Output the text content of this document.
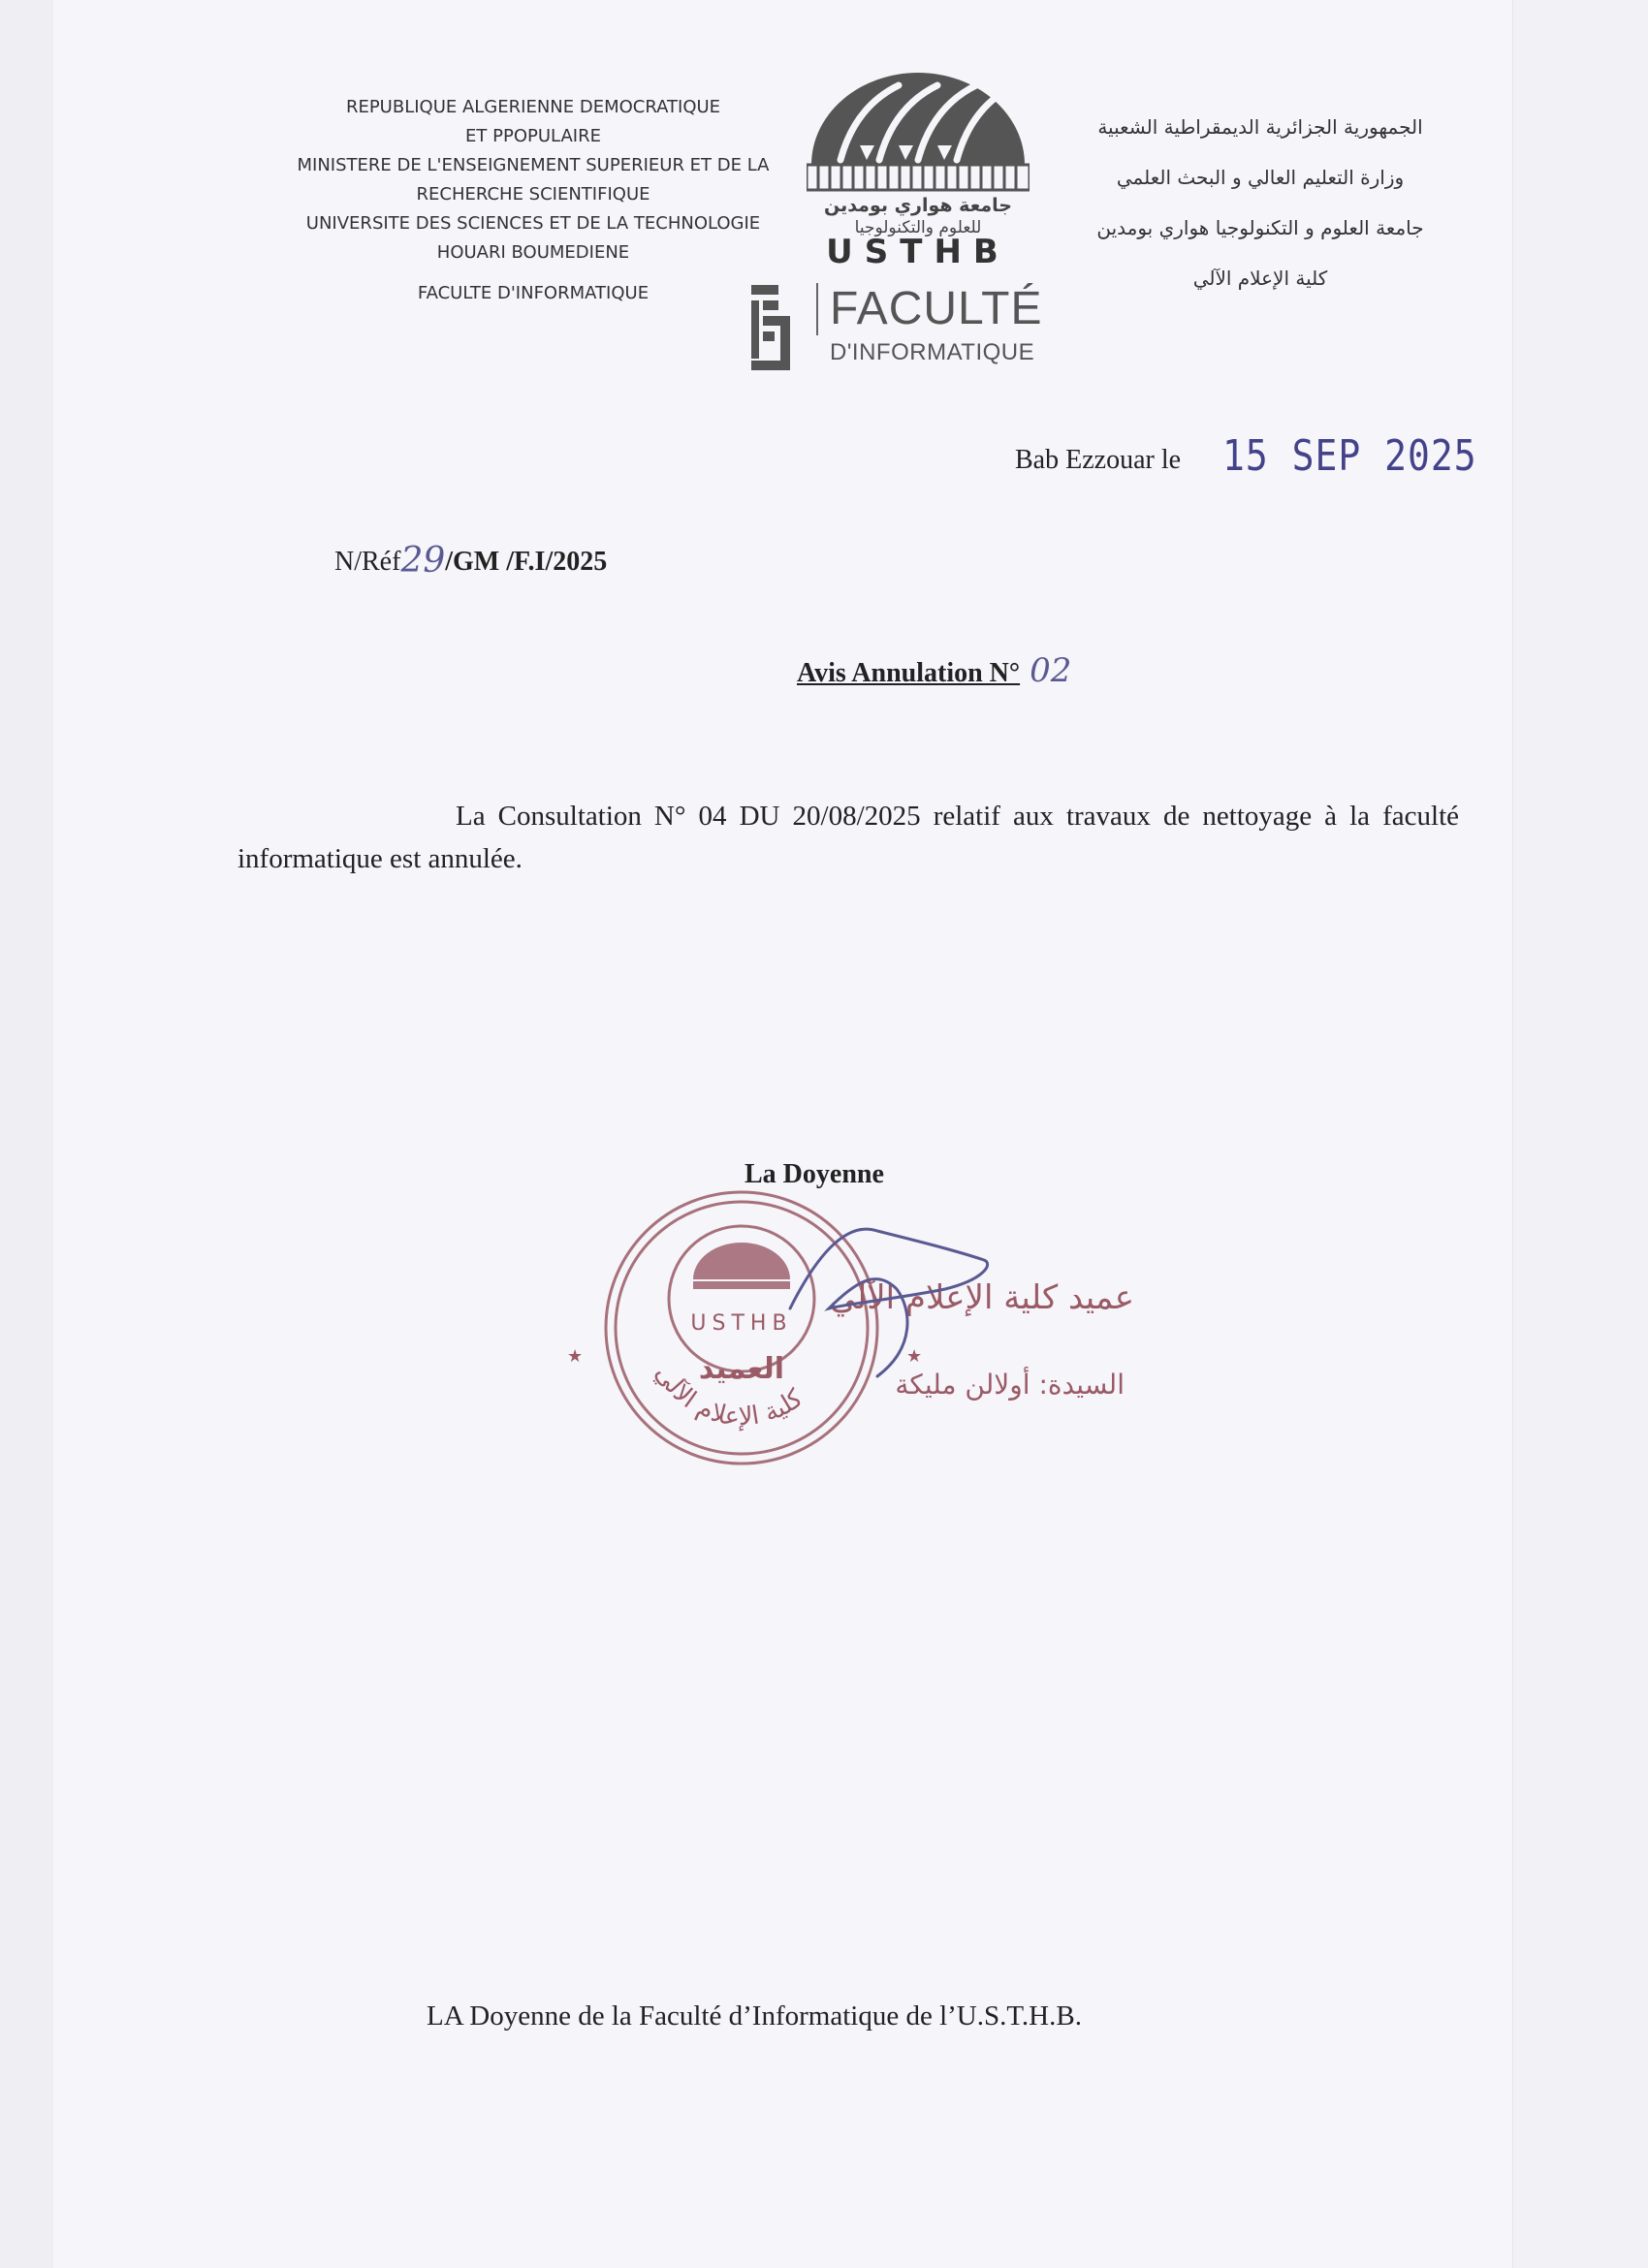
REPUBLIQUE ALGERIENNE DEMOCRATIQUE
ET PPOPULAIRE
MINISTERE DE L'ENSEIGNEMENT SUPERIEUR ET DE LA
RECHERCHE SCIENTIFIQUE
UNIVERSITE DES SCIENCES ET DE LA TECHNOLOGIE
HOUARI BOUMEDIENE
FACULTE D'INFORMATIQUE
الجمهورية الجزائرية الديمقراطية الشعبية
وزارة التعليم العالي و البحث العلمي
جامعة العلوم و التكنولوجيا هواري بومدين
كلية الإعلام الآلي
جامعة هواري بومدين
للعلوم والتكنولوجيا
USTHB
FACULTÉ
D'INFORMATIQUE
Bab Ezzouar le 15 SEP 2025
N/Réf29/GM /F.I/2025
Avis Annulation N° 02
La Consultation N° 04 DU 20/08/2025 relatif aux travaux de nettoyage à la faculté informatique est annulée.
La Doyenne
USTHB
العميد
كلية الإعلام الآلي
★	★
عميد كلية الإعلام الآلي
السيدة: أولالن مليكة
LA Doyenne de la Faculté d’Informatique de l’U.S.T.H.B.
